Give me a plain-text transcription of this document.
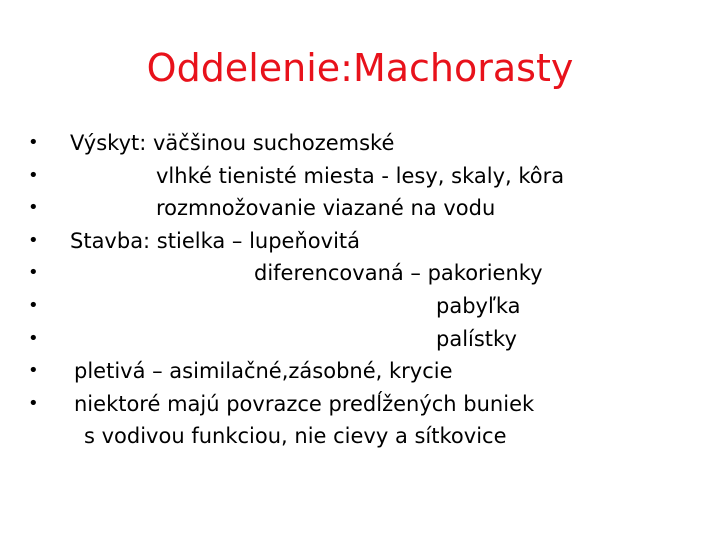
Oddelenie:Machorasty
• Výskyt: väčšinou suchozemské
•	vlhké tienisté miesta - lesy, skaly, kôra
•	rozmnožovanie viazané na vodu
• Stavba: stielka – lupeňovitá
•	diferencovaná – pakorienky
•	pabyľka
•	palístky
• pletivá – asimilačné,zásobné, krycie
• niektoré majú povrazce predĺžených buniek
s vodivou funkciou, nie cievy a sítkovice
